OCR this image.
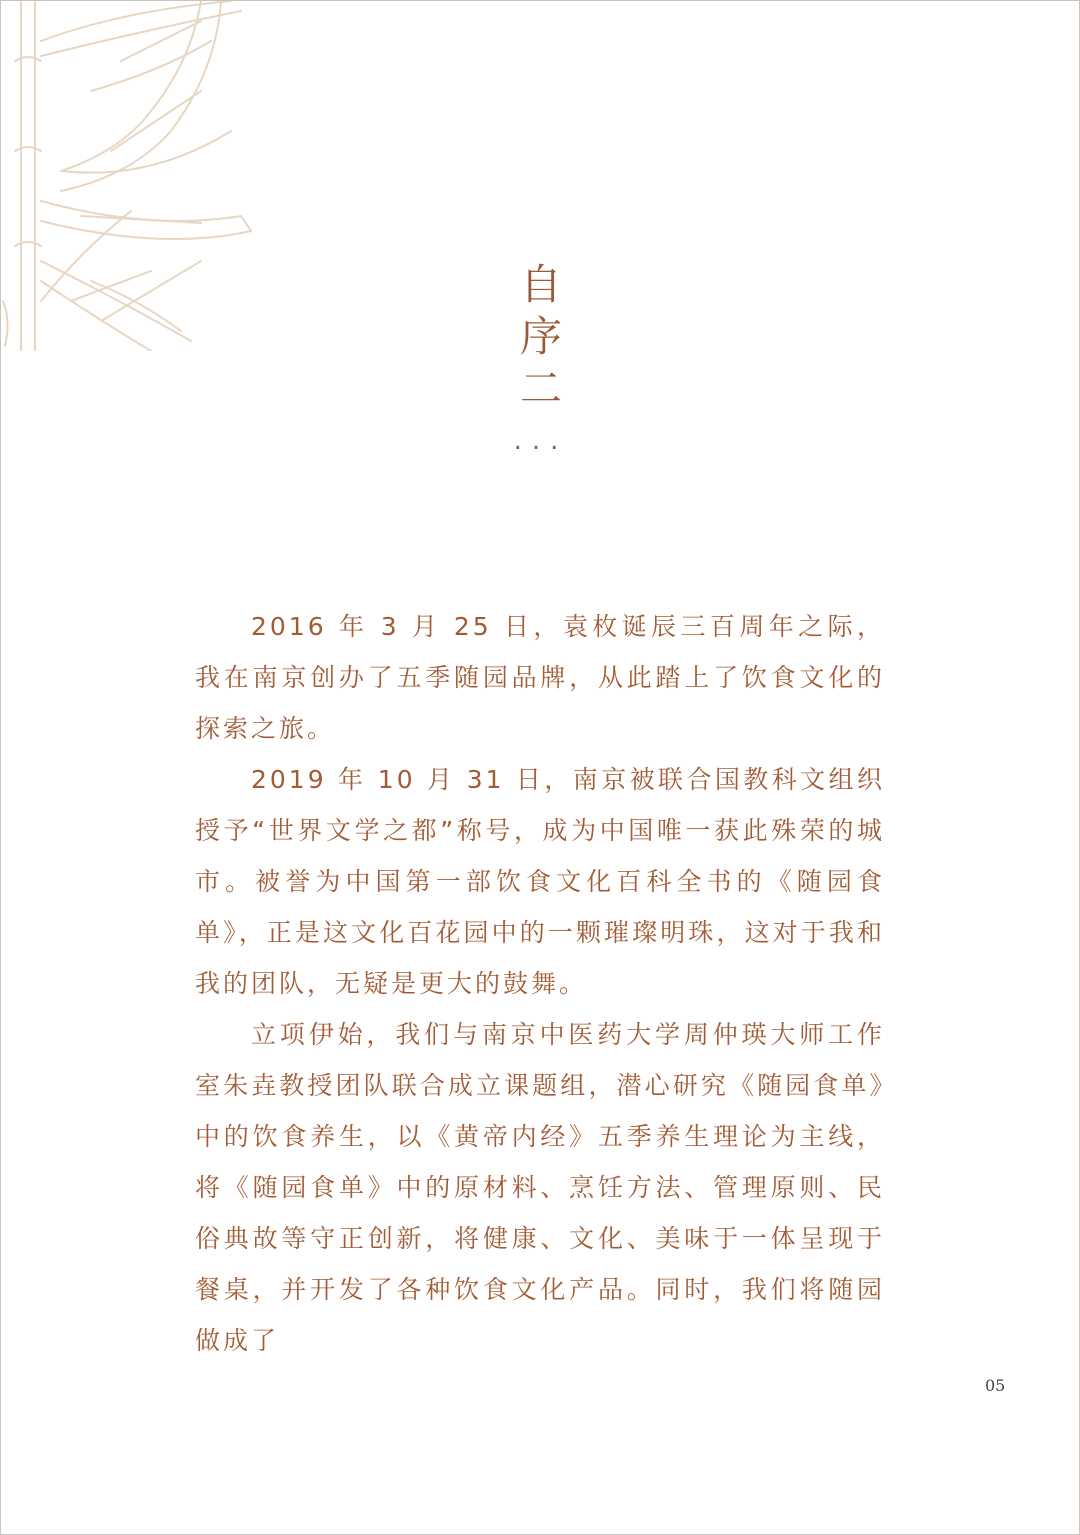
自
序
二
...

2016 年 3 月 25 日，袁枚诞辰三百周年之际，我在南京创办了五季随园品牌，从此踏上了饮食文化的探索之旅。

2019 年 10 月 31 日，南京被联合国教科文组织授予“世界文学之都”称号，成为中国唯一获此殊荣的城市。被誉为中国第一部饮食文化百科全书的《随园食单》，正是这文化百花园中的一颗璀璨明珠，这对于我和我的团队，无疑是更大的鼓舞。

立项伊始，我们与南京中医药大学周仲瑛大师工作室朱垚教授团队联合成立课题组，潜心研究《随园食单》中的饮食养生，以《黄帝内经》五季养生理论为主线，将《随园食单》中的原材料、烹饪方法、管理原则、民俗典故等守正创新，将健康、文化、美味于一体呈现于餐桌，并开发了各种饮食文化产品。同时，我们将随园做成了

05
